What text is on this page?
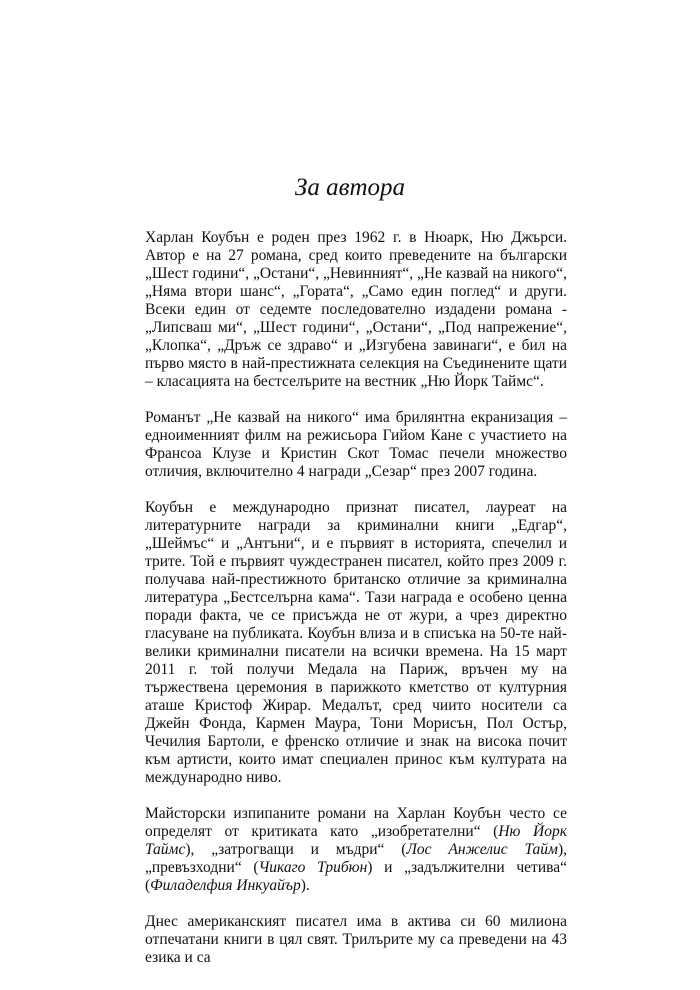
За автора

Харлан Коубън е роден през 1962 г. в Нюарк, Ню Джърси. Автор е на 27 романа, сред които преведените на български „Шест години“, „Остани“, „Невинният“, „Не казвай на никого“, „Няма втори шанс“, „Гората“, „Само един поглед“ и други. Всеки един от седемте последователно издадени романа - „Липсваш ми“, „Шест години“, „Остани“, „Под напрежение“, „Клопка“, „Дръж се здраво“ и „Изгубена завинаги“, е бил на първо място в най-престижната селекция на Съединените щати – класацията на бестселърите на вестник „Ню Йорк Таймс“.

Романът „Не казвай на никого“ има брилянтна екранизация – едноименният филм на режисьора Гийом Кане с участието на Франсоа Клузе и Кристин Скот Томас печели множество отличия, включително 4 награди „Сезар“ през 2007 година.

Коубън е международно признат писател, лауреат на литературните награди за криминални книги „Едгар“, „Шеймъс“ и „Антъни“, и е първият в историята, спечелил и трите. Той е първият чуждестранен писател, който през 2009 г. получава най-престижното британско отличие за криминална литература „Бестселърна кама“. Тази награда е особено ценна поради факта, че се присъжда не от жури, а чрез директно гласуване на публиката. Коубън влиза и в списъка на 50-те най-велики криминални писатели на всички времена. На 15 март 2011 г. той получи Медала на Париж, връчен му на тържествена церемония в парижкото кметство от културния аташе Кристоф Жирар. Медалът, сред чиито носители са Джейн Фонда, Кармен Маура, Тони Морисън, Пол Остър, Чечилия Бартоли, е френско отличие и знак на висока почит към артисти, които имат специален принос към културата на международно ниво.

Майсторски изпипаните романи на Харлан Коубън често се определят от критиката като „изобретателни“ (Ню Йорк Таймс), „затрогващи и мъдри“ (Лос Анжелис Тайм), „превъзходни“ (Чикаго Трибюн) и „задължителни четива“ (Филаделфия Инкуайър).

Днес американският писател има в актива си 60 милиона отпечатани книги в цял свят. Трилърите му са преведени на 43 езика и са
